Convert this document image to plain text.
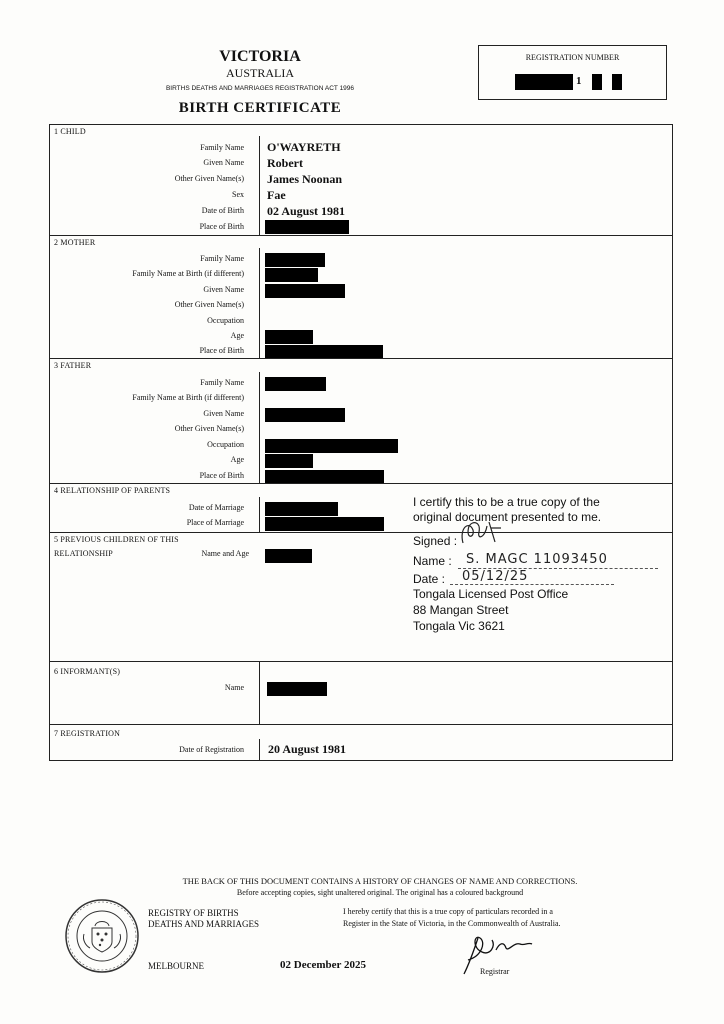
VICTORIA
AUSTRALIA
BIRTHS DEATHS AND MARRIAGES REGISTRATION ACT 1996
BIRTH CERTIFICATE
REGISTRATION NUMBER
1
1 CHILD
Family Name
Given Name
Other Given Name(s)
Sex
Date of Birth
Place of Birth
O'WAYRETH
Robert
James Noonan
Fae
02 August 1981
2 MOTHER
Family Name
Family Name at Birth (if different)
Given Name
Other Given Name(s)
Occupation
Age
Place of Birth
3 FATHER
Family Name
Family Name at Birth (if different)
Given Name
Other Given Name(s)
Occupation
Age
Place of Birth
4 RELATIONSHIP OF PARENTS
Date of Marriage
Place of Marriage
5 PREVIOUS CHILDREN OF THIS
RELATIONSHIP	Name and Age
6 INFORMANT(S)
Name
7 REGISTRATION
Date of Registration 20 August 1981
I certify this to be a true copy of the
original document presented to me.
Signed :
Name :
Date :
Tongala Licensed Post Office
88 Mangan Street
Tongala Vic 3621
S. MAGC 11093450
05/12/25
THE BACK OF THIS DOCUMENT CONTAINS A HISTORY OF CHANGES OF NAME AND CORRECTIONS.
Before accepting copies, sight unaltered original. The original has a coloured background
REGISTRY OF BIRTHS
DEATHS AND MARRIAGES
I hereby certify that this is a true copy of particulars recorded in a
Register in the State of Victoria, in the Commonwealth of Australia.
MELBOURNE	02 December 2025
Registrar
